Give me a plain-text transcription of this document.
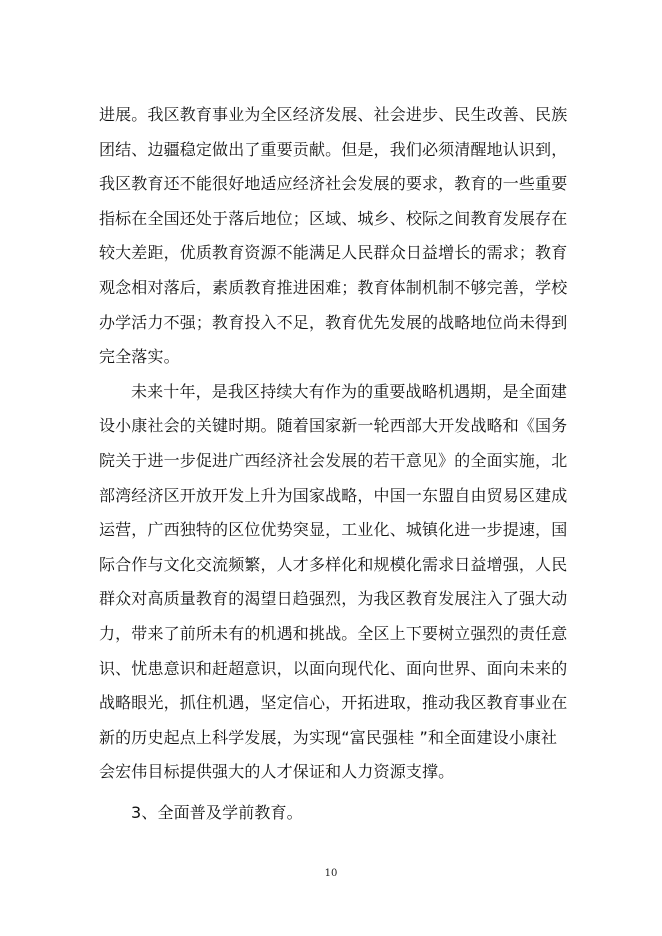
进展。我区教育事业为全区经济发展、社会进步、民生改善、民族
团结、边疆稳定做出了重要贡献。但是，我们必须清醒地认识到，
我区教育还不能很好地适应经济社会发展的要求，教育的一些重要
指标在全国还处于落后地位；区域、城乡、校际之间教育发展存在
较大差距，优质教育资源不能满足人民群众日益增长的需求；教育
观念相对落后，素质教育推进困难；教育体制机制不够完善，学校
办学活力不强；教育投入不足，教育优先发展的战略地位尚未得到
完全落实。
未来十年，是我区持续大有作为的重要战略机遇期，是全面建
设小康社会的关键时期。随着国家新一轮西部大开发战略和《国务
院关于进一步促进广西经济社会发展的若干意见》的全面实施，北
部湾经济区开放开发上升为国家战略，中国一东盟自由贸易区建成
运营，广西独特的区位优势突显，工业化、城镇化进一步提速，国
际合作与文化交流频繁，人才多样化和规模化需求日益增强，人民
群众对高质量教育的渴望日趋强烈，为我区教育发展注入了强大动
力，带来了前所未有的机遇和挑战。全区上下要树立强烈的责任意
识、忧患意识和赶超意识，以面向现代化、面向世界、面向未来的
战略眼光，抓住机遇，坚定信心，开拓进取，推动我区教育事业在
新的历史起点上科学发展，为实现“富民强桂 ”和全面建设小康社
会宏伟目标提供强大的人才保证和人力资源支撑。
3、全面普及学前教育。
10
